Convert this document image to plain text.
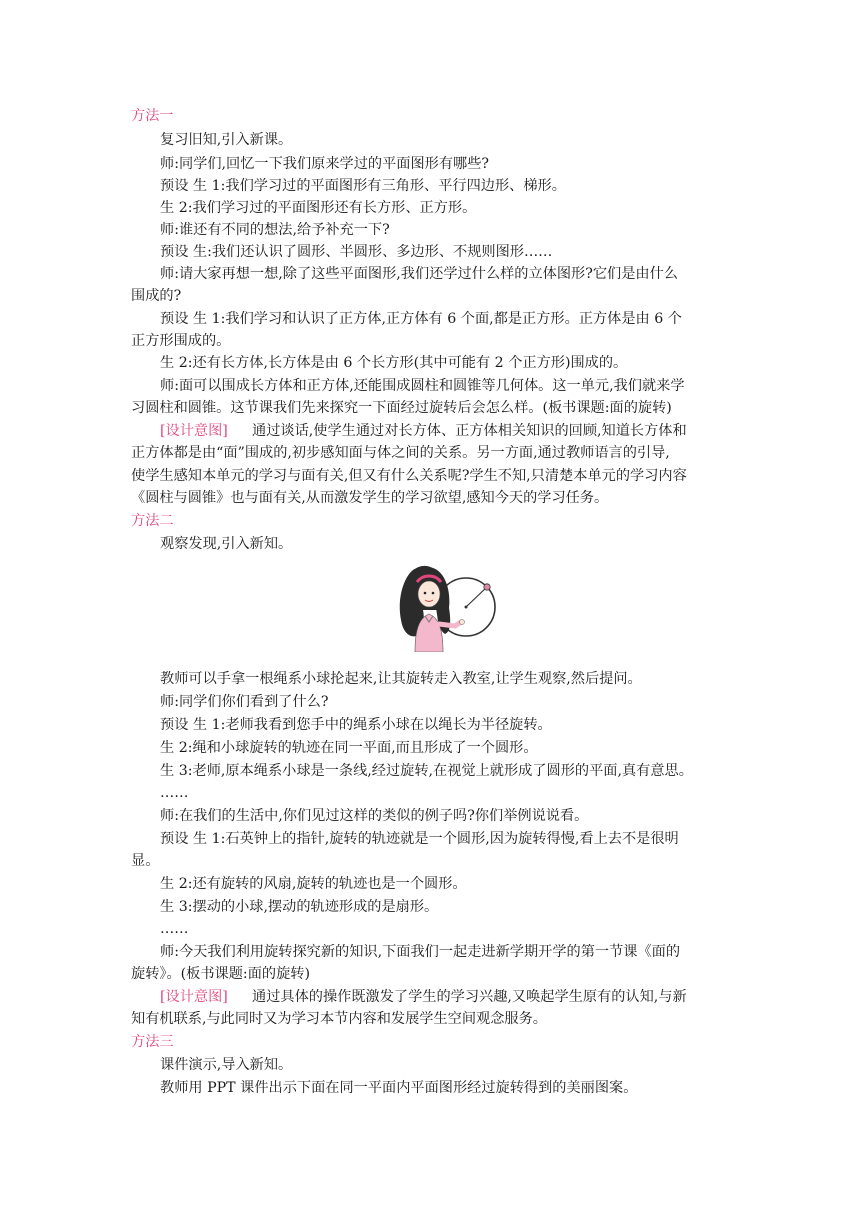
方法一
复习旧知,引入新课。
师:同学们,回忆一下我们原来学过的平面图形有哪些?
预设 生 1:我们学习过的平面图形有三角形、平行四边形、梯形。
生 2:我们学习过的平面图形还有长方形、正方形。
师:谁还有不同的想法,给予补充一下?
预设 生:我们还认识了圆形、半圆形、多边形、不规则图形……
师:请大家再想一想,除了这些平面图形,我们还学过什么样的立体图形?它们是由什么
围成的?
预设 生 1:我们学习和认识了正方体,正方体有 6 个面,都是正方形。正方体是由 6 个
正方形围成的。
生 2:还有长方体,长方体是由 6 个长方形(其中可能有 2 个正方形)围成的。
师:面可以围成长方体和正方体,还能围成圆柱和圆锥等几何体。这一单元,我们就来学
习圆柱和圆锥。这节课我们先来探究一下面经过旋转后会怎么样。(板书课题:面的旋转)
[设计意图] 通过谈话,使学生通过对长方体、正方体相关知识的回顾,知道长方体和
正方体都是由“面”围成的,初步感知面与体之间的关系。另一方面,通过教师语言的引导,
使学生感知本单元的学习与面有关,但又有什么关系呢?学生不知,只清楚本单元的学习内容
《圆柱与圆锥》也与面有关,从而激发学生的学习欲望,感知今天的学习任务。
方法二
观察发现,引入新知。
教师可以手拿一根绳系小球抡起来,让其旋转走入教室,让学生观察,然后提问。
师:同学们你们看到了什么?
预设 生 1:老师我看到您手中的绳系小球在以绳长为半径旋转。
生 2:绳和小球旋转的轨迹在同一平面,而且形成了一个圆形。
生 3:老师,原本绳系小球是一条线,经过旋转,在视觉上就形成了圆形的平面,真有意思。
……
师:在我们的生活中,你们见过这样的类似的例子吗?你们举例说说看。
预设 生 1:石英钟上的指针,旋转的轨迹就是一个圆形,因为旋转得慢,看上去不是很明
显。
生 2:还有旋转的风扇,旋转的轨迹也是一个圆形。
生 3:摆动的小球,摆动的轨迹形成的是扇形。
……
师:今天我们利用旋转探究新的知识,下面我们一起走进新学期开学的第一节课《面的
旋转》。(板书课题:面的旋转)
[设计意图] 通过具体的操作既激发了学生的学习兴趣,又唤起学生原有的认知,与新
知有机联系,与此同时又为学习本节内容和发展学生空间观念服务。
方法三
课件演示,导入新知。
教师用 PPT 课件出示下面在同一平面内平面图形经过旋转得到的美丽图案。
